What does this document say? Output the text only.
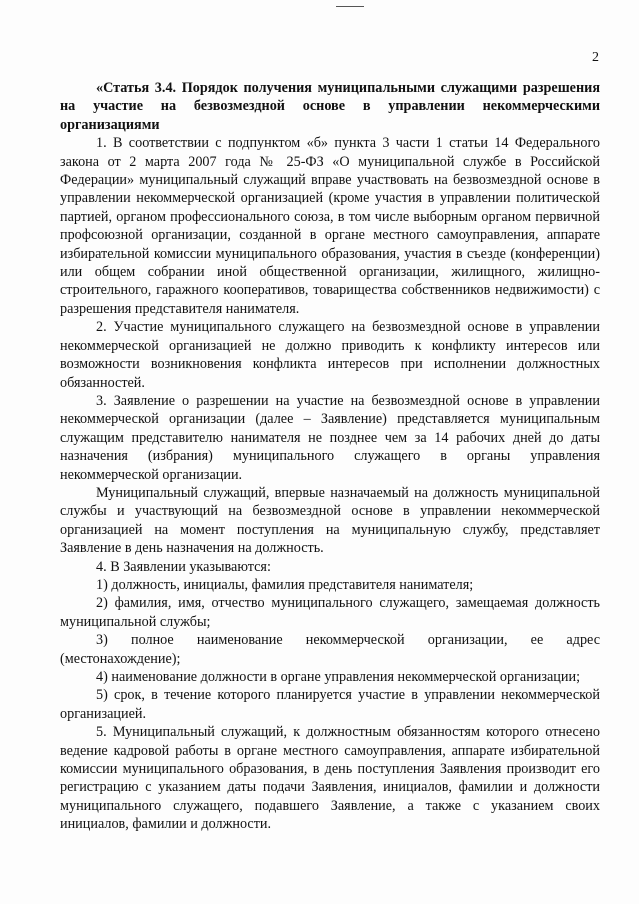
2

«Статья 3.4. Порядок получения муниципальными служащими разрешения на участие на безвозмездной основе в управлении некоммерческими организациями

1. В соответствии с подпунктом «б» пункта 3 части 1 статьи 14 Федерального закона от 2 марта 2007 года № 25-ФЗ «О муниципальной службе в Российской Федерации» муниципальный служащий вправе участвовать на безвозмездной основе в управлении некоммерческой организацией (кроме участия в управлении политической партией, органом профессионального союза, в том числе выборным органом первичной профсоюзной организации, созданной в органе местного самоуправления, аппарате избирательной комиссии муниципального образования, участия в съезде (конференции) или общем собрании иной общественной организации, жилищного, жилищно-строительного, гаражного кооперативов, товарищества собственников недвижимости) с разрешения представителя нанимателя.

2. Участие муниципального служащего на безвозмездной основе в управлении некоммерческой организацией не должно приводить к конфликту интересов или возможности возникновения конфликта интересов при исполнении должностных обязанностей.

3. Заявление о разрешении на участие на безвозмездной основе в управлении некоммерческой организации (далее – Заявление) представляется муниципальным служащим представителю нанимателя не позднее чем за 14 рабочих дней до даты назначения (избрания) муниципального служащего в органы управления некоммерческой организации.

Муниципальный служащий, впервые назначаемый на должность муниципальной службы и участвующий на безвозмездной основе в управлении некоммерческой организацией на момент поступления на муниципальную службу, представляет Заявление в день назначения на должность.

4. В Заявлении указываются:

1) должность, инициалы, фамилия представителя нанимателя;

2) фамилия, имя, отчество муниципального служащего, замещаемая должность муниципальной службы;

3) полное наименование некоммерческой организации, ее адрес (местонахождение);

4) наименование должности в органе управления некоммерческой организации;

5) срок, в течение которого планируется участие в управлении некоммерческой организацией.

5. Муниципальный служащий, к должностным обязанностям которого отнесено ведение кадровой работы в органе местного самоуправления, аппарате избирательной комиссии муниципального образования, в день поступления Заявления производит его регистрацию с указанием даты подачи Заявления, инициалов, фамилии и должности муниципального служащего, подавшего Заявление, а также с указанием своих инициалов, фамилии и должности.
